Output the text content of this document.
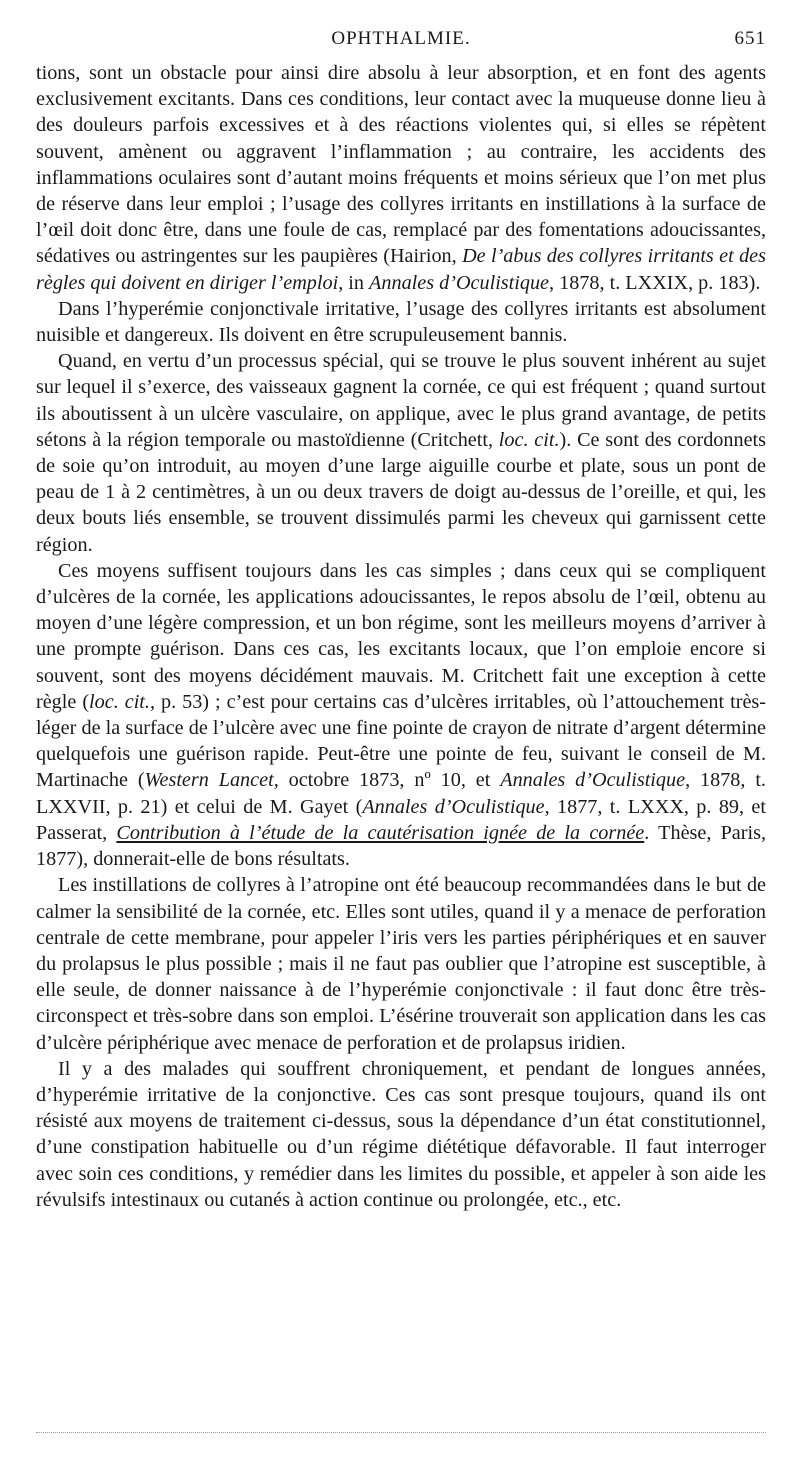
OPHTHALMIE.	651

tions, sont un obstacle pour ainsi dire absolu à leur absorption, et en font des agents exclusivement excitants. Dans ces conditions, leur contact avec la muqueuse donne lieu à des douleurs parfois excessives et à des réactions violentes qui, si elles se répètent souvent, amènent ou aggravent l’inflammation ; au contraire, les accidents des inflammations oculaires sont d’autant moins fréquents et moins sérieux que l’on met plus de réserve dans leur emploi ; l’usage des collyres irritants en instillations à la surface de l’œil doit donc être, dans une foule de cas, remplacé par des fomentations adoucissantes, sédatives ou astringentes sur les paupières (Hairion, De l’abus des collyres irritants et des règles qui doivent en diriger l’emploi, in Annales d’Oculistique, 1878, t. LXXIX, p. 183).

Dans l’hyperémie conjonctivale irritative, l’usage des collyres irritants est absolument nuisible et dangereux. Ils doivent en être scrupuleusement bannis.

Quand, en vertu d’un processus spécial, qui se trouve le plus souvent inhérent au sujet sur lequel il s’exerce, des vaisseaux gagnent la cornée, ce qui est fréquent ; quand surtout ils aboutissent à un ulcère vasculaire, on applique, avec le plus grand avantage, de petits sétons à la région temporale ou mastoïdienne (Critchett, loc. cit.). Ce sont des cordonnets de soie qu’on introduit, au moyen d’une large aiguille courbe et plate, sous un pont de peau de 1 à 2 centimètres, à un ou deux travers de doigt au-dessus de l’oreille, et qui, les deux bouts liés ensemble, se trouvent dissimulés parmi les cheveux qui garnissent cette région.

Ces moyens suffisent toujours dans les cas simples ; dans ceux qui se compliquent d’ulcères de la cornée, les applications adoucissantes, le repos absolu de l’œil, obtenu au moyen d’une légère compression, et un bon régime, sont les meilleurs moyens d’arriver à une prompte guérison. Dans ces cas, les excitants locaux, que l’on emploie encore si souvent, sont des moyens décidément mauvais. M. Critchett fait une exception à cette règle (loc. cit., p. 53) ; c’est pour certains cas d’ulcères irritables, où l’attouchement très-léger de la surface de l’ulcère avec une fine pointe de crayon de nitrate d’argent détermine quelquefois une guérison rapide. Peut-être une pointe de feu, suivant le conseil de M. Martinache (Western Lancet, octobre 1873, nº 10, et Annales d’Oculistique, 1878, t. LXXVII, p. 21) et celui de M. Gayet (Annales d’Oculistique, 1877, t. LXXX, p. 89, et Passerat, Contribution à l’étude de la cautérisation ignée de la cornée. Thèse, Paris, 1877), donnerait-elle de bons résultats.

Les instillations de collyres à l’atropine ont été beaucoup recommandées dans le but de calmer la sensibilité de la cornée, etc. Elles sont utiles, quand il y a menace de perforation centrale de cette membrane, pour appeler l’iris vers les parties périphériques et en sauver du prolapsus le plus possible ; mais il ne faut pas oublier que l’atropine est susceptible, à elle seule, de donner naissance à de l’hyperémie conjonctivale : il faut donc être très-circonspect et très-sobre dans son emploi. L’ésérine trouverait son application dans les cas d’ulcère périphérique avec menace de perforation et de prolapsus iridien.

Il y a des malades qui souffrent chroniquement, et pendant de longues années, d’hyperémie irritative de la conjonctive. Ces cas sont presque toujours, quand ils ont résisté aux moyens de traitement ci-dessus, sous la dépendance d’un état constitutionnel, d’une constipation habituelle ou d’un régime diététique défavorable. Il faut interroger avec soin ces conditions, y remédier dans les limites du possible, et appeler à son aide les révulsifs intestinaux ou cutanés à action continue ou prolongée, etc., etc.
